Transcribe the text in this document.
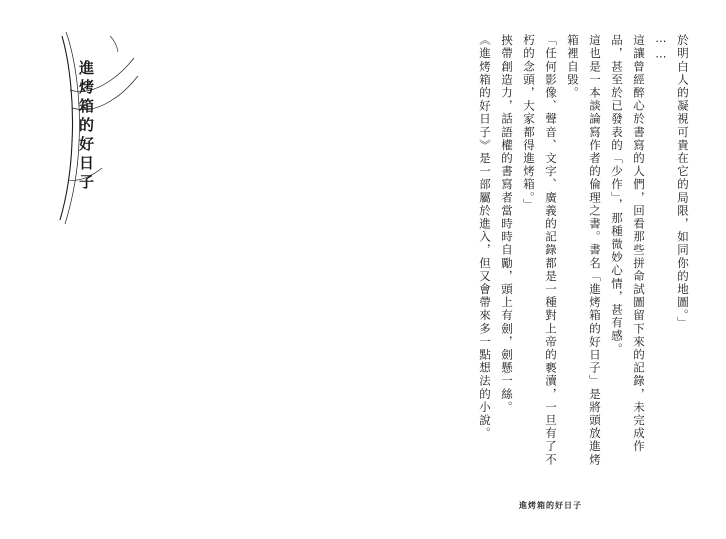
進烤箱的好日子	於明白人的凝視可貴在它的局限，如同你的地圖。」
⋯⋯
這讓曾經醉心於書寫的人們，回看那些拼命試圖留下來的記錄，未完成作
品，甚至於已發表的「少作」，那種微妙心情，甚有感。
這也是一本談論寫作者的倫理之書。書名「進烤箱的好日子」是將頭放進烤
箱裡自毀。
「任何影像、聲音、文字、廣義的記錄都是一種對上帝的褻瀆，一旦有了不
朽的念頭，大家都得進烤箱。」
挾帶創造力，話語權的書寫者當時時自勵，頭上有劍，劍懸一絲。
《進烤箱的好日子》是一部屬於進入，但又會帶來多一點想法的小說。
進烤箱的好日子
